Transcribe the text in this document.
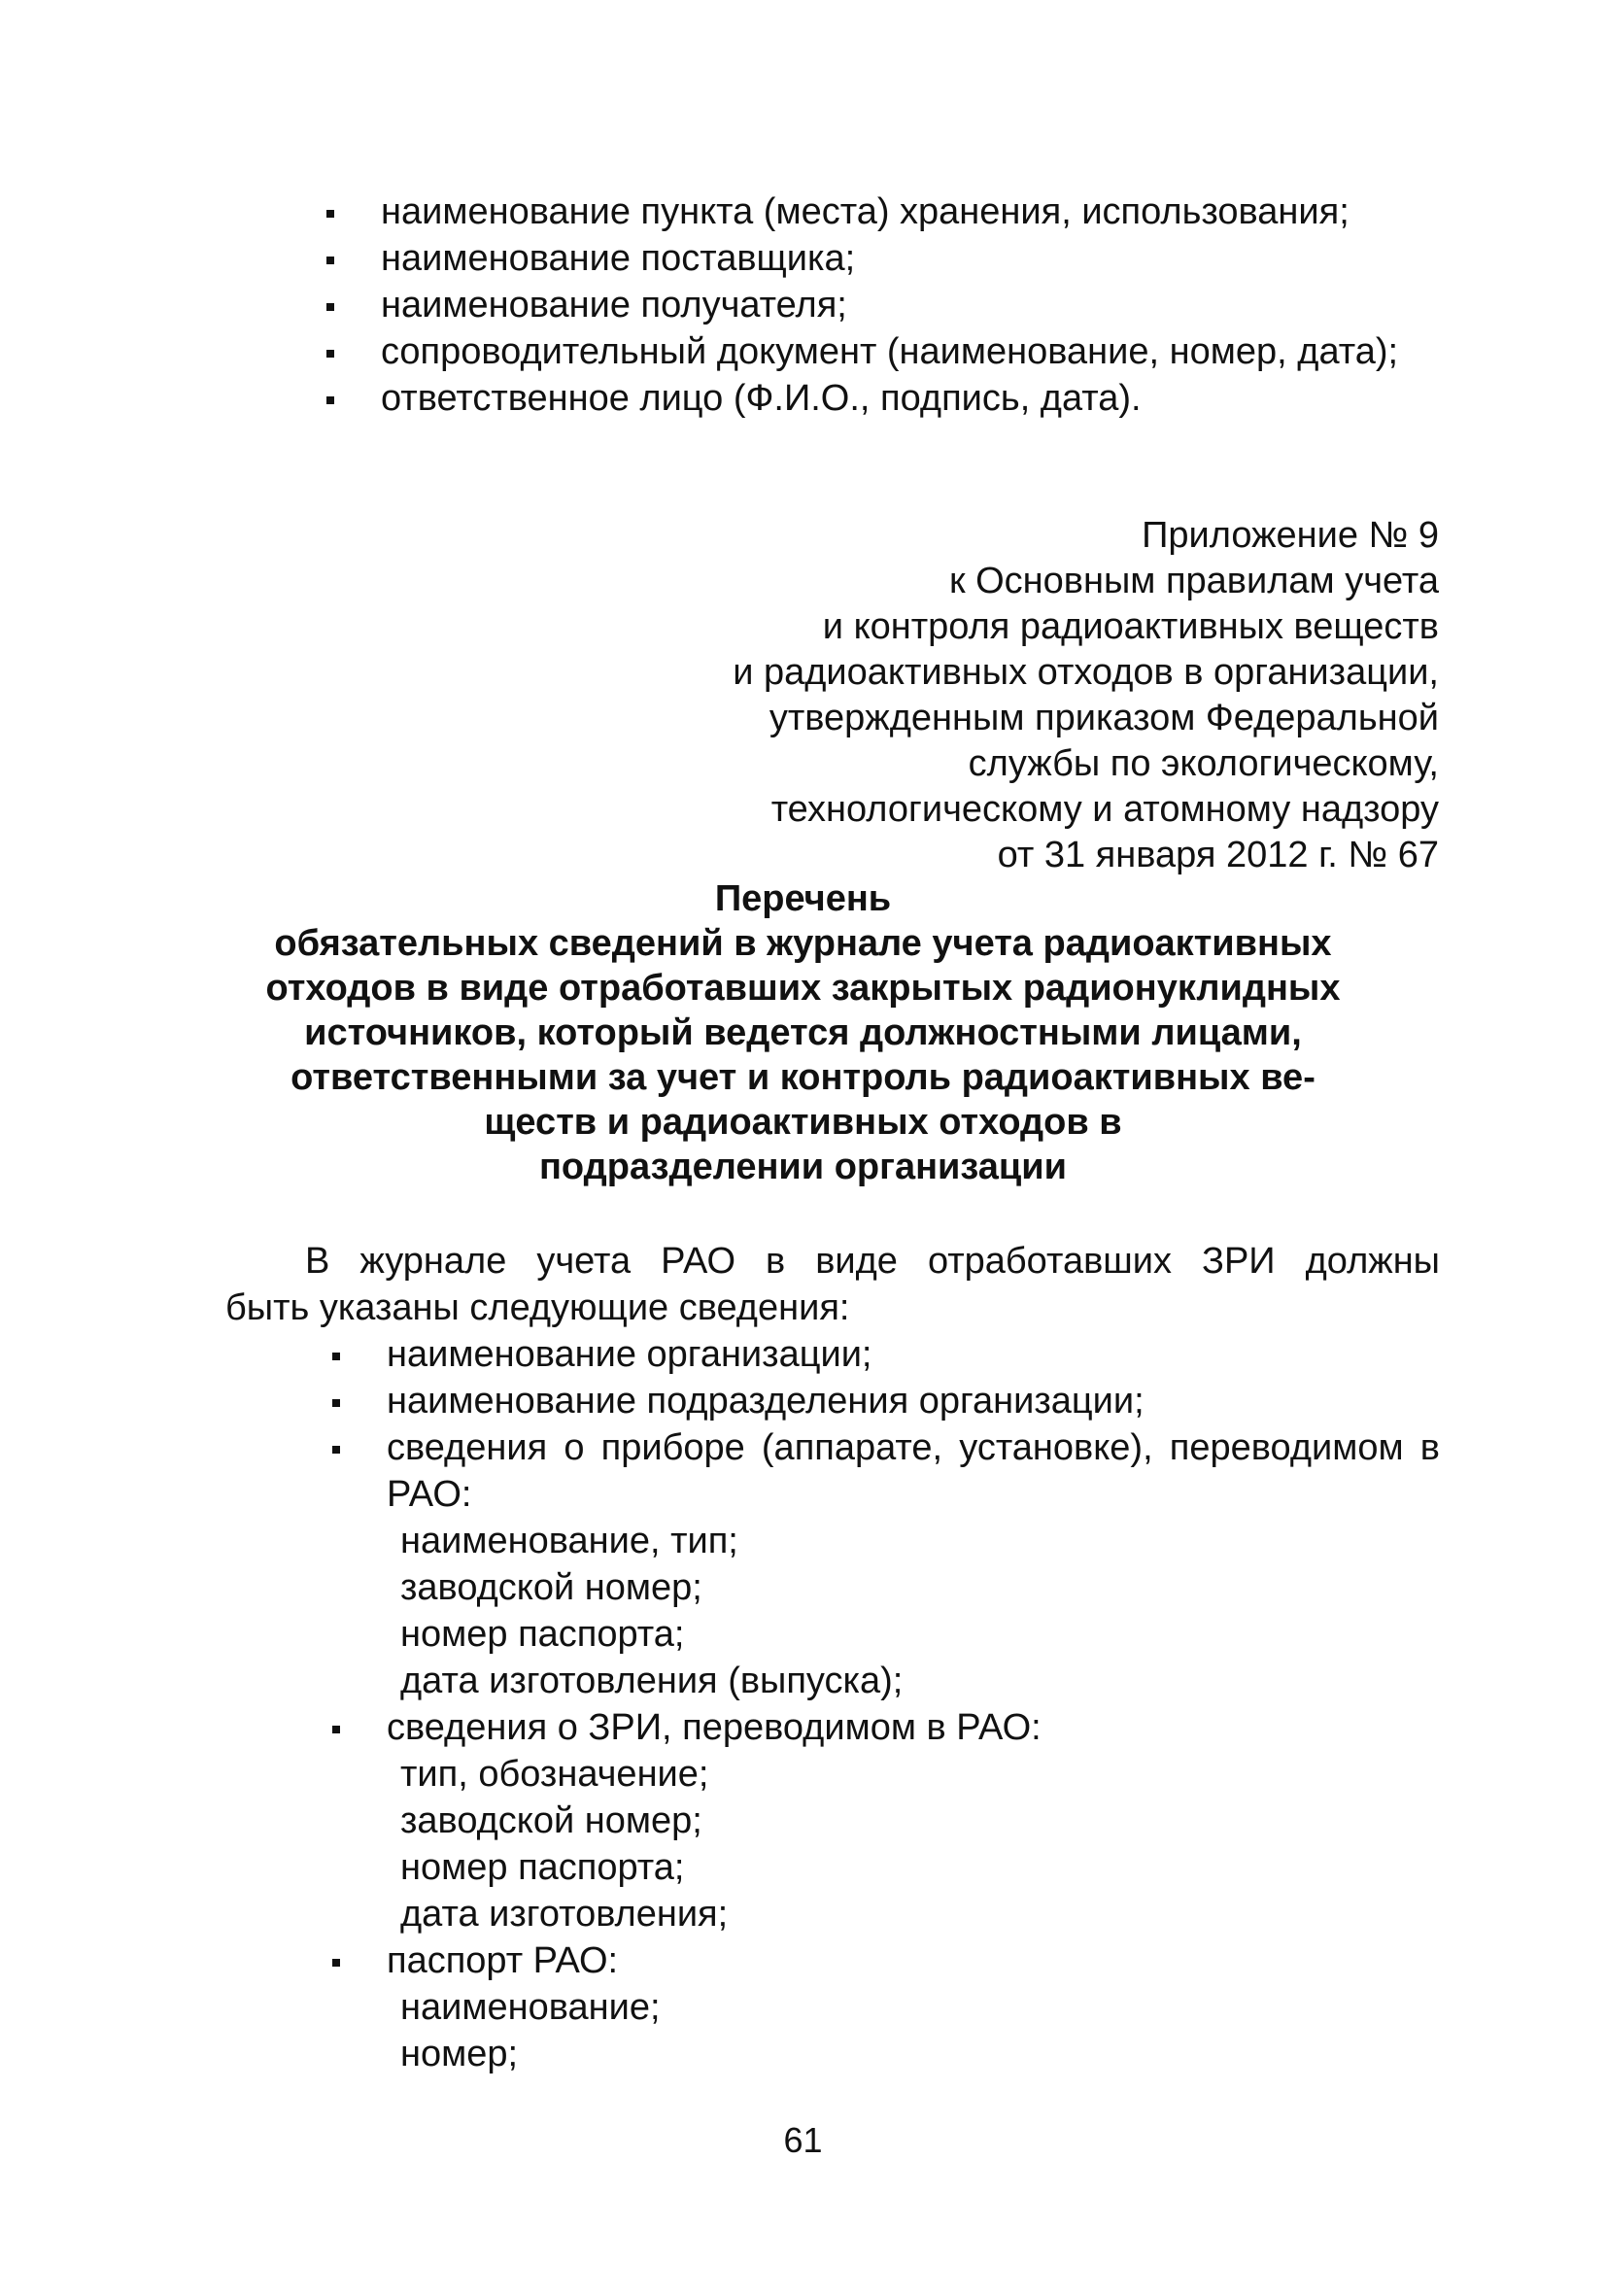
наименование пункта (места) хранения, использования;
наименование поставщика;
наименование получателя;
сопроводительный документ (наименование, номер, дата);
ответственное лицо (Ф.И.О., подпись, дата).
Приложение № 9
к Основным правилам учета
и контроля радиоактивных веществ
и радиоактивных отходов в организации,
утвержденным приказом Федеральной
службы по экологическому,
технологическому и атомному надзору
от 31 января 2012 г. № 67
Перечень
обязательных сведений в журнале учета радиоактивных
отходов в виде отработавших закрытых радионуклидных
источников, который ведется должностными лицами,
ответственными за учет и контроль радиоактивных ве-
ществ и радиоактивных отходов в
подразделении организации
В журнале учета РАО в виде отработавших ЗРИ должны
быть указаны следующие сведения:
наименование организации;
наименование подразделения организации;
сведения о приборе (аппарате, установке), переводимом в РАО:
наименование, тип;
заводской номер;
номер паспорта;
дата изготовления (выпуска);
сведения о ЗРИ, переводимом в РАО:
тип, обозначение;
заводской номер;
номер паспорта;
дата изготовления;
паспорт РАО:
наименование;
номер;
61
